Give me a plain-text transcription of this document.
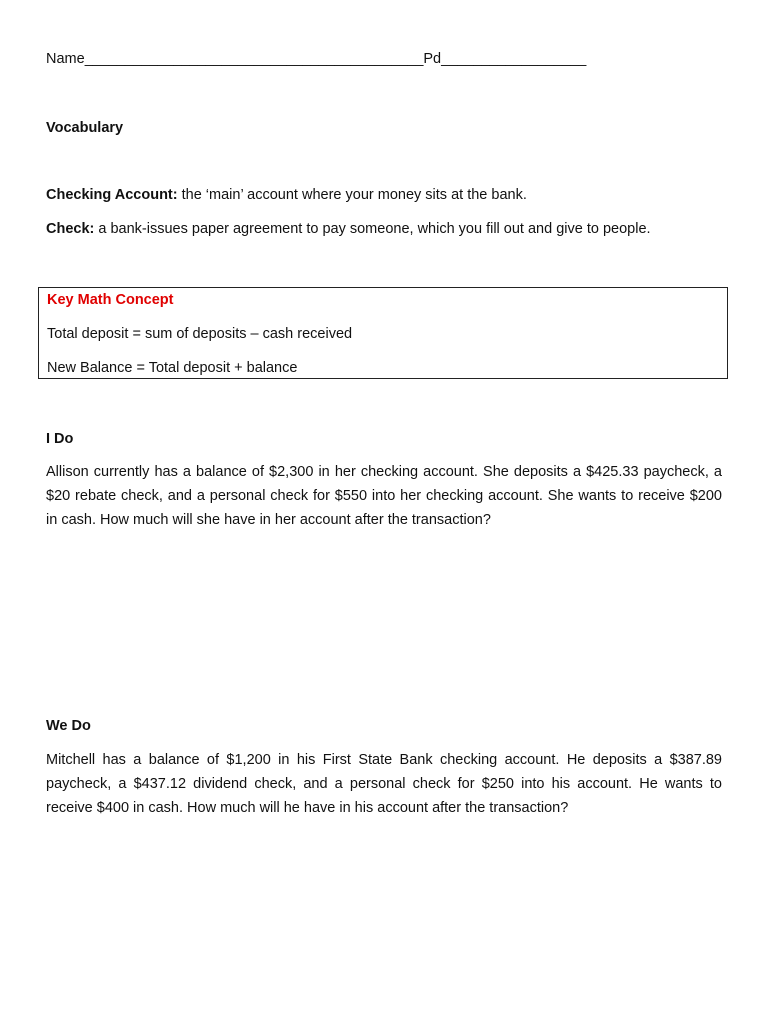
Name__________________________________________Pd__________________
Vocabulary
Checking Account: the ‘main’ account where your money sits at the bank.
Check: a bank-issues paper agreement to pay someone, which you fill out and give to people.
Key Math Concept
Total deposit = sum of deposits – cash received
New Balance = Total deposit + balance
I Do
Allison currently has a balance of $2,300 in her checking account. She deposits a $425.33 paycheck, a $20 rebate check, and a personal check for $550 into her checking account. She wants to receive $200 in cash. How much will she have in her account after the transaction?
We Do
Mitchell has a balance of $1,200 in his First State Bank checking account. He deposits a $387.89 paycheck, a $437.12 dividend check, and a personal check for $250 into his account. He wants to receive $400 in cash. How much will he have in his account after the transaction?
